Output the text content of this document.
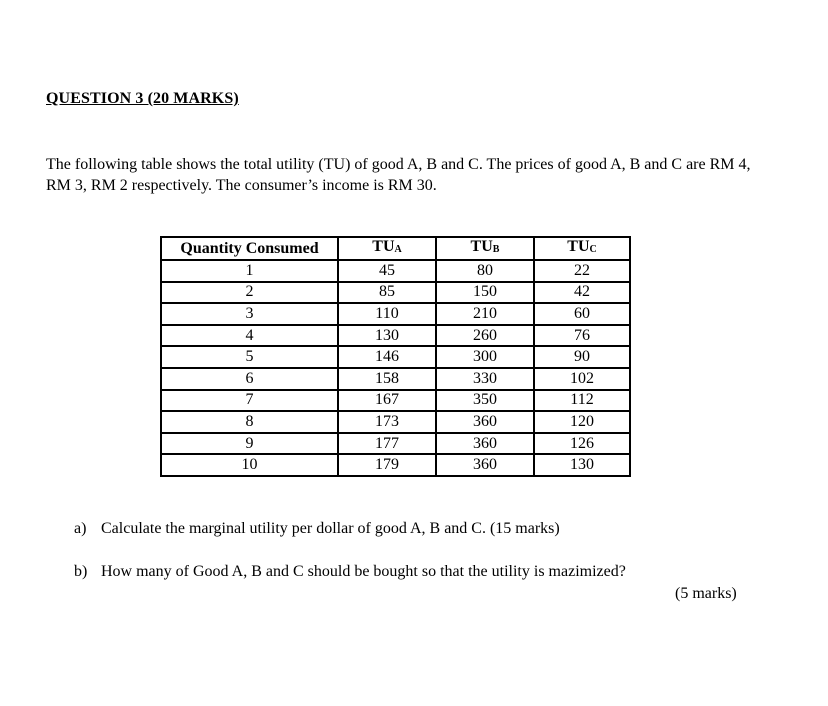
QUESTION 3 (20 MARKS)

The following table shows the total utility (TU) of good A, B and C. The prices of good A, B and C are RM 4, RM 3, RM 2 respectively. The consumer’s income is RM 30.

Quantity Consumed	$TU_A$	$TU_B$	$TU_C$
1	45	80	22
2	85	150	42
3	110	210	60
4	130	260	76
5	146	300	90
6	158	330	102
7	167	350	112
8	173	360	120
9	177	360	126
10	179	360	130

a) Calculate the marginal utility per dollar of good A, B and C. (15 marks)

b) How many of Good A, B and C should be bought so that the utility is mazimized?

(5 marks)
